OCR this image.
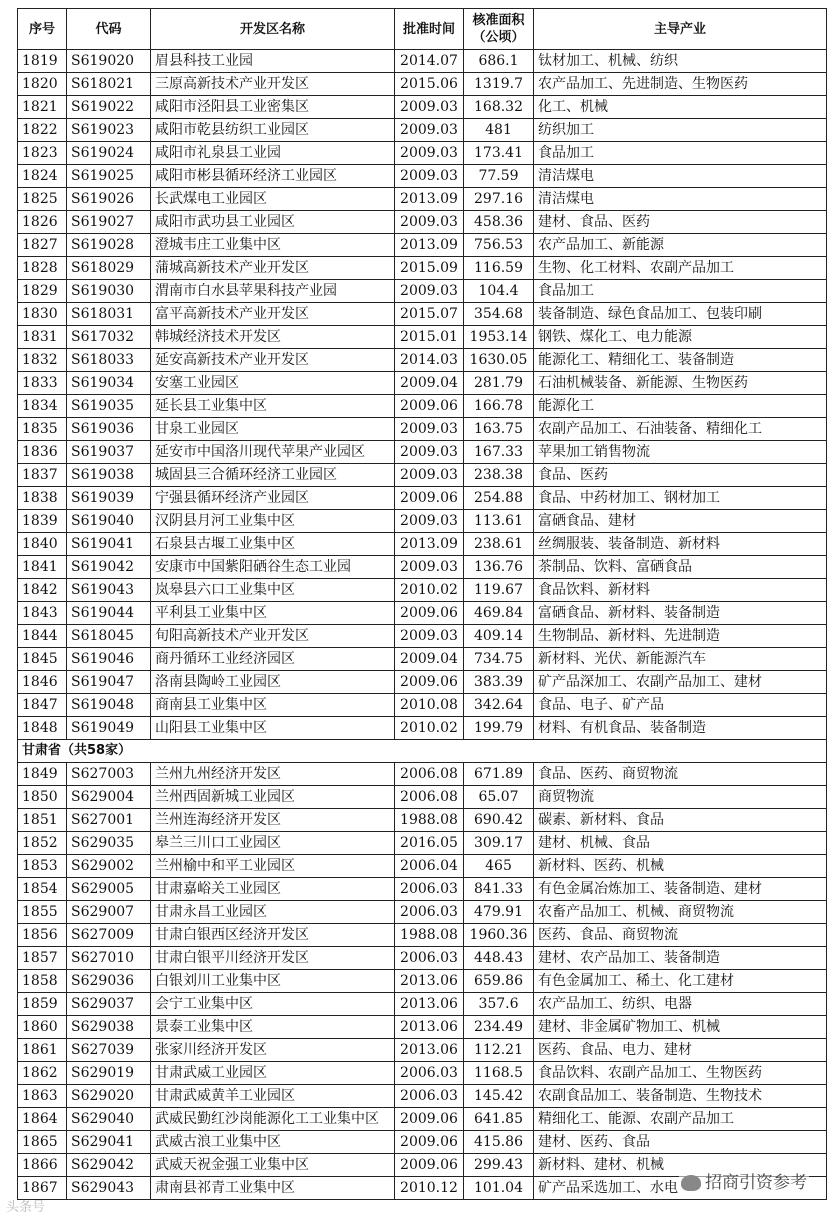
序号	代码	开发区名称	批准时间	核准面积
（公顷）	主导产业
1819	S619020	眉县科技工业园	2014.07	686.1	钛材加工、机械、纺织
1820	S618021	三原高新技术产业开发区	2015.06	1319.7	农产品加工、先进制造、生物医药
1821	S619022	咸阳市泾阳县工业密集区	2009.03	168.32	化工、机械
1822	S619023	咸阳市乾县纺织工业园区	2009.03	481	纺织加工
1823	S619024	咸阳市礼泉县工业园	2009.03	173.41	食品加工
1824	S619025	咸阳市彬县循环经济工业园区	2009.03	77.59	清洁煤电
1825	S619026	长武煤电工业园区	2013.09	297.16	清洁煤电
1826	S619027	咸阳市武功县工业园区	2009.03	458.36	建材、食品、医药
1827	S619028	澄城韦庄工业集中区	2013.09	756.53	农产品加工、新能源
1828	S618029	蒲城高新技术产业开发区	2015.09	116.59	生物、化工材料、农副产品加工
1829	S619030	渭南市白水县苹果科技产业园	2009.03	104.4	食品加工
1830	S618031	富平高新技术产业开发区	2015.07	354.68	装备制造、绿色食品加工、包装印刷
1831	S617032	韩城经济技术开发区	2015.01	1953.14	钢铁、煤化工、电力能源
1832	S618033	延安高新技术产业开发区	2014.03	1630.05	能源化工、精细化工、装备制造
1833	S619034	安塞工业园区	2009.04	281.79	石油机械装备、新能源、生物医药
1834	S619035	延长县工业集中区	2009.06	166.78	能源化工
1835	S619036	甘泉工业园区	2009.03	163.75	农副产品加工、石油装备、精细化工
1836	S619037	延安市中国洛川现代苹果产业园区	2009.03	167.33	苹果加工销售物流
1837	S619038	城固县三合循环经济工业园区	2009.03	238.38	食品、医药
1838	S619039	宁强县循环经济产业园区	2009.06	254.88	食品、中药材加工、钢材加工
1839	S619040	汉阴县月河工业集中区	2009.03	113.61	富硒食品、建材
1840	S619041	石泉县古堰工业集中区	2013.09	238.61	丝绸服装、装备制造、新材料
1841	S619042	安康市中国紫阳硒谷生态工业园	2009.03	136.76	茶制品、饮料、富硒食品
1842	S619043	岚皋县六口工业集中区	2010.02	119.67	食品饮料、新材料
1843	S619044	平利县工业集中区	2009.06	469.84	富硒食品、新材料、装备制造
1844	S618045	旬阳高新技术产业开发区	2009.03	409.14	生物制品、新材料、先进制造
1845	S619046	商丹循环工业经济园区	2009.04	734.75	新材料、光伏、新能源汽车
1846	S619047	洛南县陶岭工业园区	2009.06	383.39	矿产品深加工、农副产品加工、建材
1847	S619048	商南县工业集中区	2010.08	342.64	食品、电子、矿产品
1848	S619049	山阳县工业集中区	2010.02	199.79	材料、有机食品、装备制造
甘肃省（共58家）					
1849	S627003	兰州九州经济开发区	2006.08	671.89	食品、医药、商贸物流
1850	S629004	兰州西固新城工业园区	2006.08	65.07	商贸物流
1851	S627001	兰州连海经济开发区	1988.08	690.42	碳素、新材料、食品
1852	S629035	皋兰三川口工业园区	2016.05	309.17	建材、机械、食品
1853	S629002	兰州榆中和平工业园区	2006.04	465	新材料、医药、机械
1854	S629005	甘肃嘉峪关工业园区	2006.03	841.33	有色金属冶炼加工、装备制造、建材
1855	S629007	甘肃永昌工业园区	2006.03	479.91	农畜产品加工、机械、商贸物流
1856	S627009	甘肃白银西区经济开发区	1988.08	1960.36	医药、食品、商贸物流
1857	S627010	甘肃白银平川经济开发区	2006.03	448.43	建材、农产品加工、装备制造
1858	S629036	白银刘川工业集中区	2013.06	659.86	有色金属加工、稀土、化工建材
1859	S629037	会宁工业集中区	2013.06	357.6	农产品加工、纺织、电器
1860	S629038	景泰工业集中区	2013.06	234.49	建材、非金属矿物加工、机械
1861	S627039	张家川经济开发区	2013.06	112.21	医药、食品、电力、建材
1862	S629019	甘肃武威工业园区	2006.03	1168.5	食品饮料、农副产品加工、生物医药
1863	S629020	甘肃武威黄羊工业园区	2006.03	145.42	农副食品加工、装备制造、生物技术
1864	S629040	武威民勤红沙岗能源化工工业集中区	2009.06	641.85	精细化工、能源、农副产品加工
1865	S629041	武威古浪工业集中区	2009.06	415.86	建材、医药、食品
1866	S629042	武威天祝金强工业集中区	2009.06	299.43	新材料、建材、机械
1867	S629043	肃南县祁青工业集中区	2010.12	101.04	矿产品采选加工、水电	招商引资参考
头条号
